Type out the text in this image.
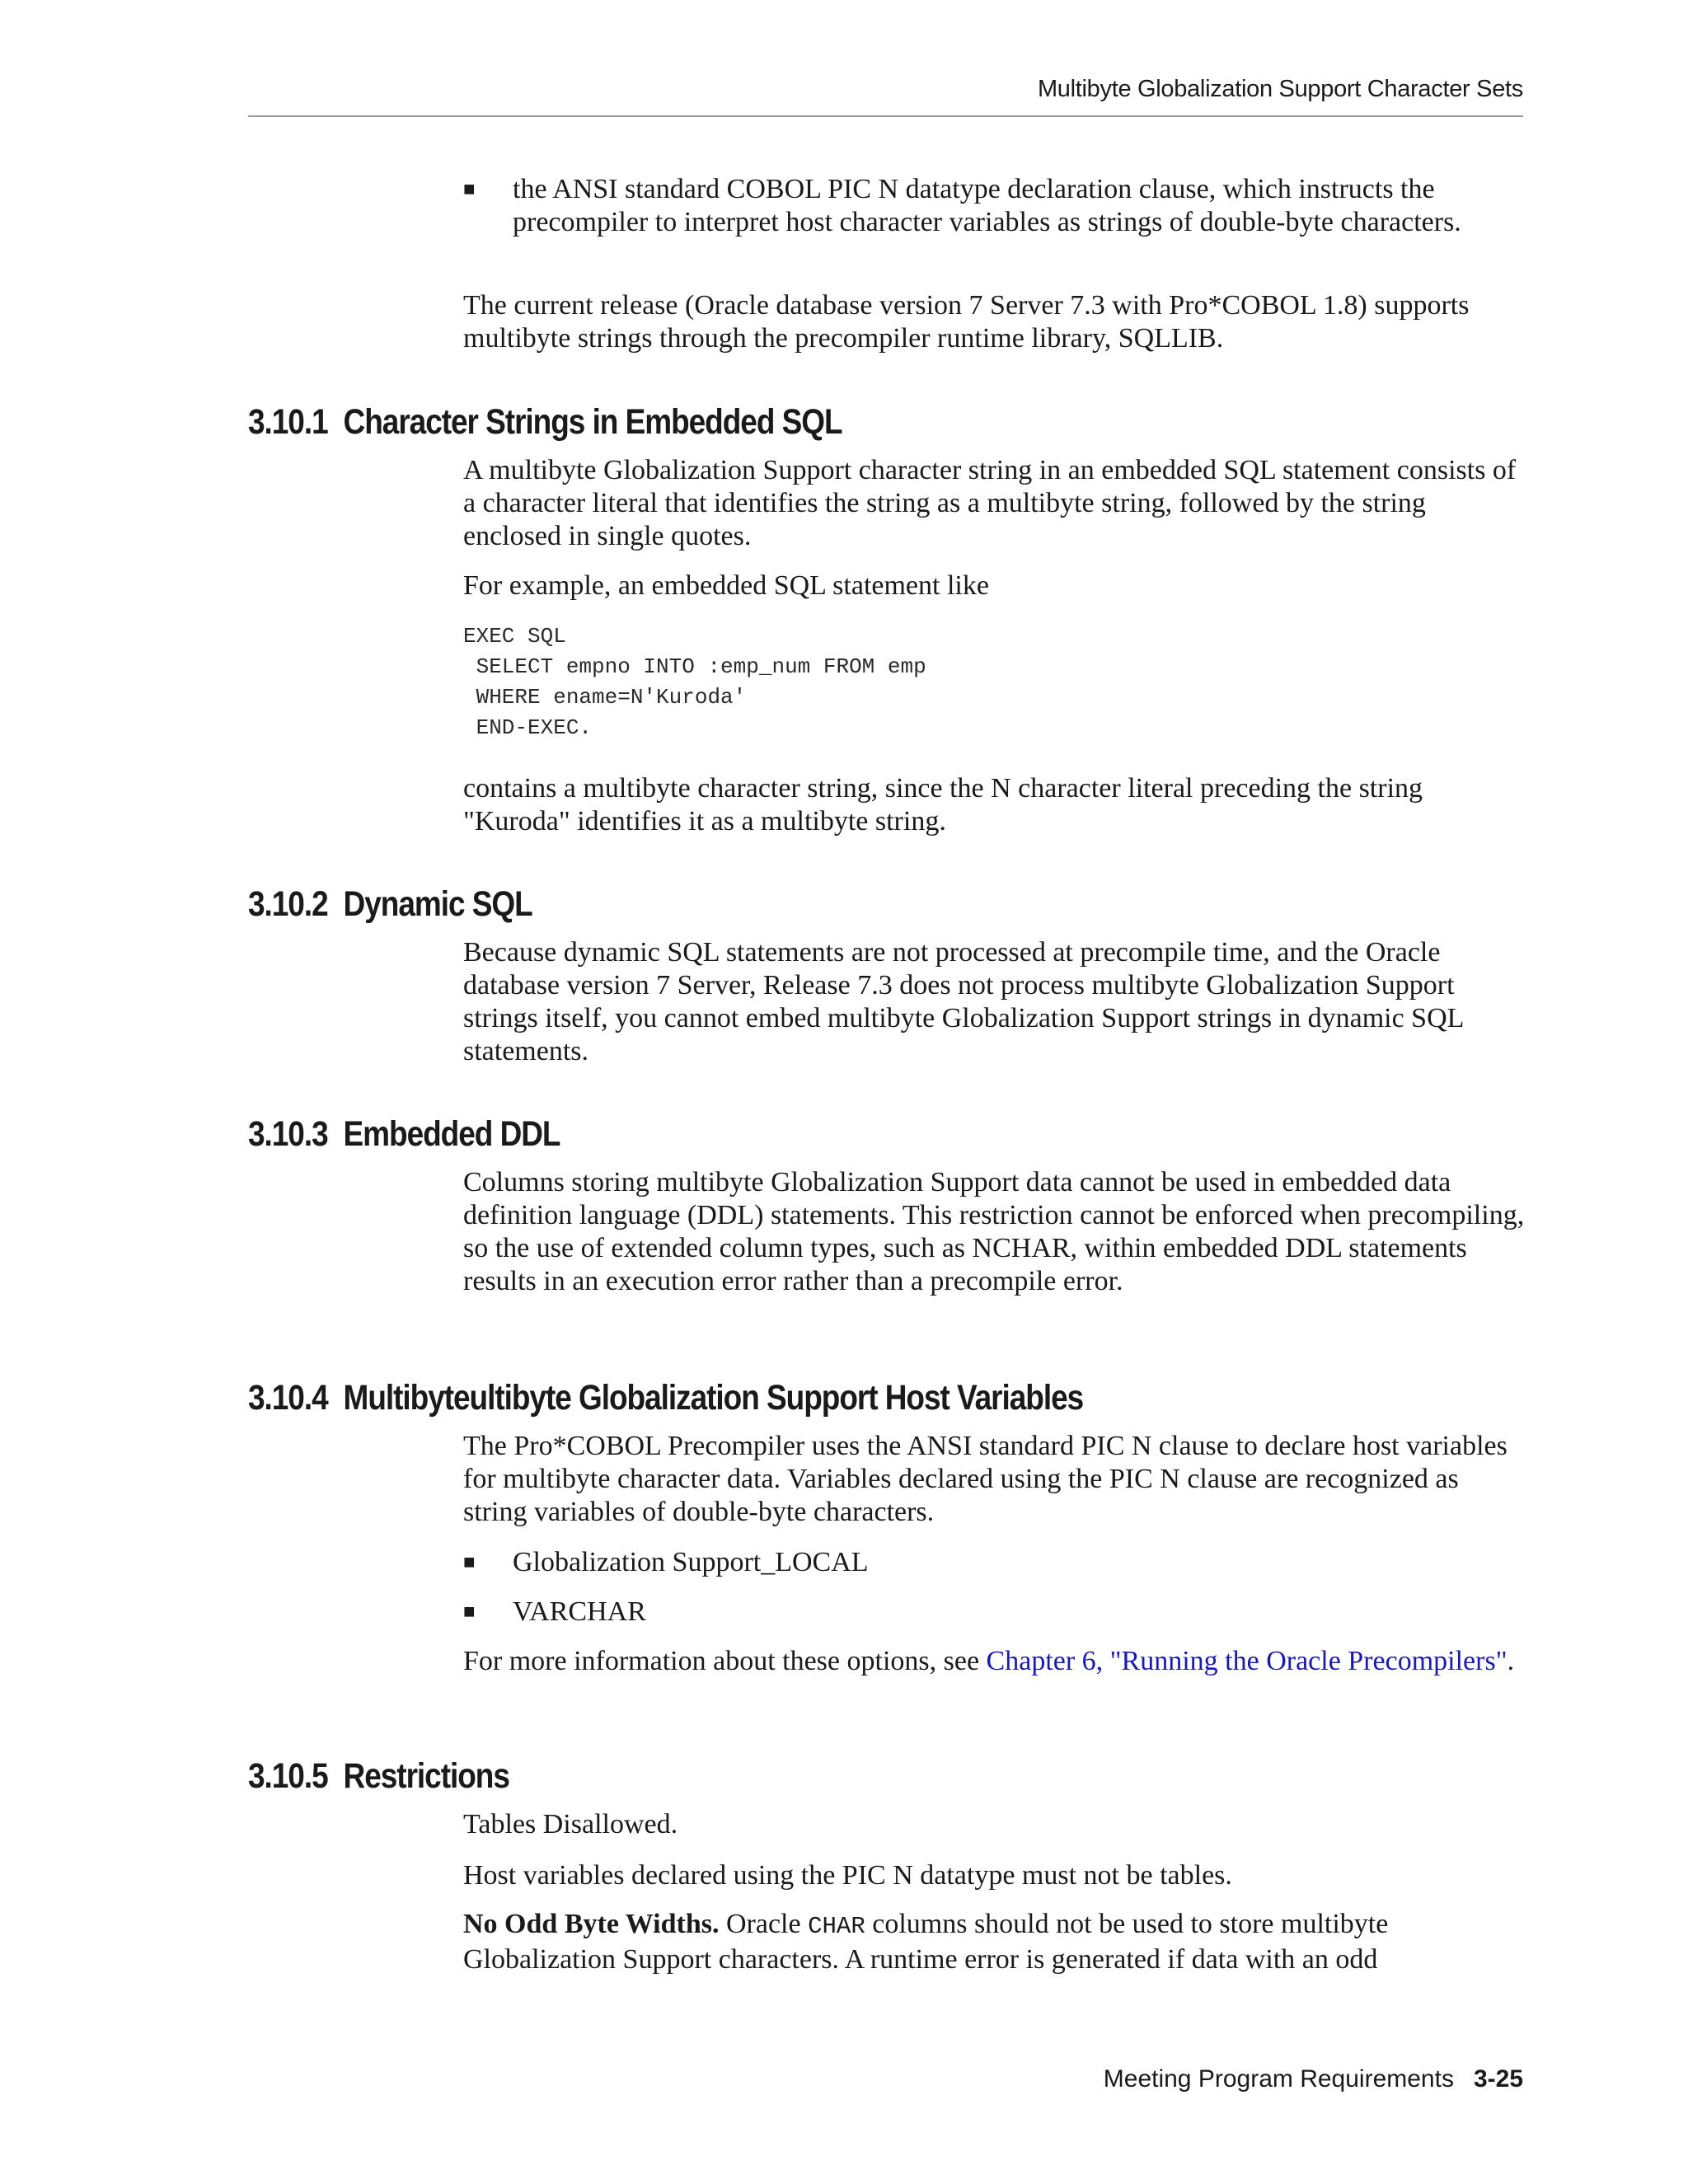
Multibyte Globalization Support Character Sets
■	the ANSI standard COBOL PIC N datatype declaration clause, which instructs the precompiler to interpret host character variables as strings of double-byte characters.

The current release (Oracle database version 7 Server 7.3 with Pro*COBOL 1.8) supports multibyte strings through the precompiler runtime library, SQLLIB.

3.10.1 Character Strings in Embedded SQL

A multibyte Globalization Support character string in an embedded SQL statement consists of a character literal that identifies the string as a multibyte string, followed by the string enclosed in single quotes.

For example, an embedded SQL statement like

EXEC SQL
SELECT empno INTO :emp_num FROM emp
WHERE ename=N'Kuroda'
END-EXEC.

contains a multibyte character string, since the N character literal preceding the string "Kuroda" identifies it as a multibyte string.

3.10.2 Dynamic SQL

Because dynamic SQL statements are not processed at precompile time, and the Oracle database version 7 Server, Release 7.3 does not process multibyte Globalization Support strings itself, you cannot embed multibyte Globalization Support strings in dynamic SQL statements.

3.10.3 Embedded DDL

Columns storing multibyte Globalization Support data cannot be used in embedded data definition language (DDL) statements. This restriction cannot be enforced when precompiling, so the use of extended column types, such as NCHAR, within embedded DDL statements results in an execution error rather than a precompile error.

3.10.4 Multibyteultibyte Globalization Support Host Variables

The Pro*COBOL Precompiler uses the ANSI standard PIC N clause to declare host variables for multibyte character data. Variables declared using the PIC N clause are recognized as string variables of double-byte characters.

■	Globalization Support_LOCAL
■	VARCHAR

For more information about these options, see Chapter 6, "Running the Oracle Precompilers".

3.10.5 Restrictions

Tables Disallowed.

Host variables declared using the PIC N datatype must not be tables.

No Odd Byte Widths. Oracle CHAR columns should not be used to store multibyte Globalization Support characters. A runtime error is generated if data with an odd

Meeting Program Requirements 3-25
